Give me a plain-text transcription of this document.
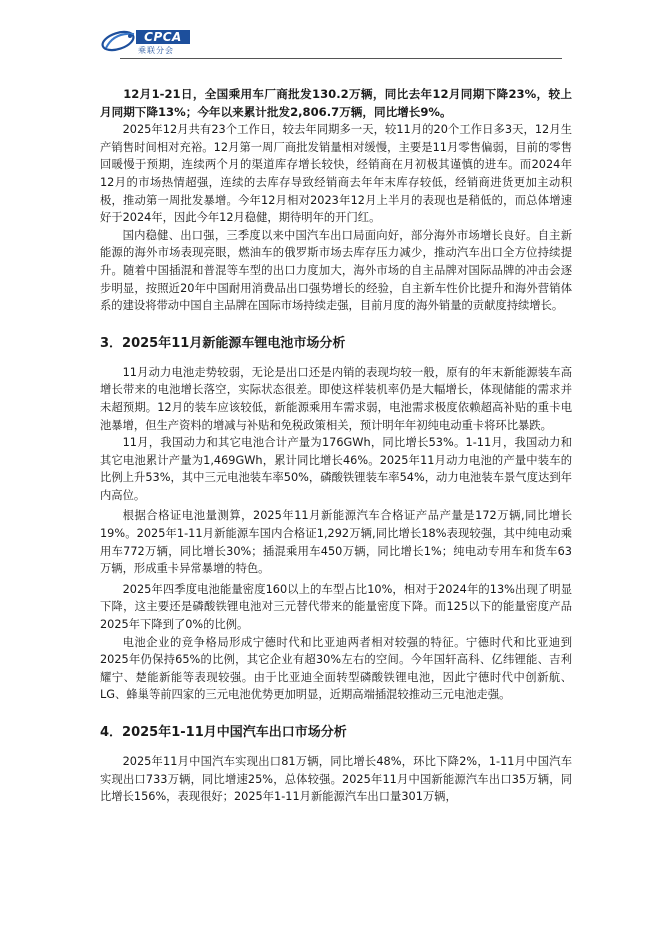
CPCA
乘联分会

12月1-21日，全国乘用车厂商批发130.2万辆，同比去年12月同期下降23%，较上月同期下降13%；今年以来累计批发2,806.7万辆，同比增长9%。

2025年12月共有23个工作日，较去年同期多一天，较11月的20个工作日多3天，12月生产销售时间相对充裕。12月第一周厂商批发销量相对缓慢，主要是11月零售偏弱，目前的零售回暖慢于预期，连续两个月的渠道库存增长较快，经销商在月初极其谨慎的进车。而2024年12月的市场热情超强，连续的去库存导致经销商去年年末库存较低，经销商进货更加主动积极，推动第一周批发暴增。今年12月相对2023年12月上半月的表现也是稍低的，而总体增速好于2024年，因此今年12月稳健，期待明年的开门红。

国内稳健、出口强，三季度以来中国汽车出口局面向好，部分海外市场增长良好。自主新能源的海外市场表现亮眼，燃油车的俄罗斯市场去库存压力减少，推动汽车出口全方位持续提升。随着中国插混和普混等车型的出口力度加大，海外市场的自主品牌对国际品牌的冲击会逐步明显，按照近20年中国耐用消费品出口强势增长的经验，自主新车性价比提升和海外营销体系的建设将带动中国自主品牌在国际市场持续走强，目前月度的海外销量的贡献度持续增长。

3．2025年11月新能源车锂电池市场分析

11月动力电池走势较弱，无论是出口还是内销的表现均较一般，原有的年末新能源装车高增长带来的电池增长落空，实际状态很差。即使这样装机率仍是大幅增长，体现储能的需求并未超预期。12月的装车应该较低，新能源乘用车需求弱，电池需求极度依赖超高补贴的重卡电池暴增，但生产资料的增减与补贴和免税政策相关，预计明年年初纯电动重卡将环比暴跌。

11月，我国动力和其它电池合计产量为176GWh，同比增长53%。1-11月，我国动力和其它电池累计产量为1,469GWh，累计同比增长46%。2025年11月动力电池的产量中装车的比例上升53%，其中三元电池装车率50%，磷酸铁锂装车率54%，动力电池装车景气度达到年内高位。

根据合格证电池量测算，2025年11月新能源汽车合格证产品产量是172万辆,同比增长19%。2025年1-11月新能源车国内合格证1,292万辆,同比增长18%表现较强，其中纯电动乘用车772万辆，同比增长30%；插混乘用车450万辆，同比增长1%；纯电动专用车和货车63万辆，形成重卡异常暴增的特色。

2025年四季度电池能量密度160以上的车型占比10%，相对于2024年的13%出现了明显下降，这主要还是磷酸铁锂电池对三元替代带来的能量密度下降。而125以下的能量密度产品2025年下降到了0%的比例。

电池企业的竞争格局形成宁德时代和比亚迪两者相对较强的特征。宁德时代和比亚迪到2025年仍保持65%的比例，其它企业有超30%左右的空间。今年国轩高科、亿纬锂能、吉利耀宁、楚能新能等表现较强。由于比亚迪全面转型磷酸铁锂电池，因此宁德时代中创新航、LG、蜂巢等前四家的三元电池优势更加明显，近期高端插混较推动三元电池走强。

4．2025年1-11月中国汽车出口市场分析

2025年11月中国汽车实现出口81万辆，同比增长48%，环比下降2%，1-11月中国汽车实现出口733万辆，同比增速25%，总体较强。2025年11月中国新能源汽车出口35万辆，同比增长156%，表现很好；2025年1-11月新能源汽车出口量301万辆，
